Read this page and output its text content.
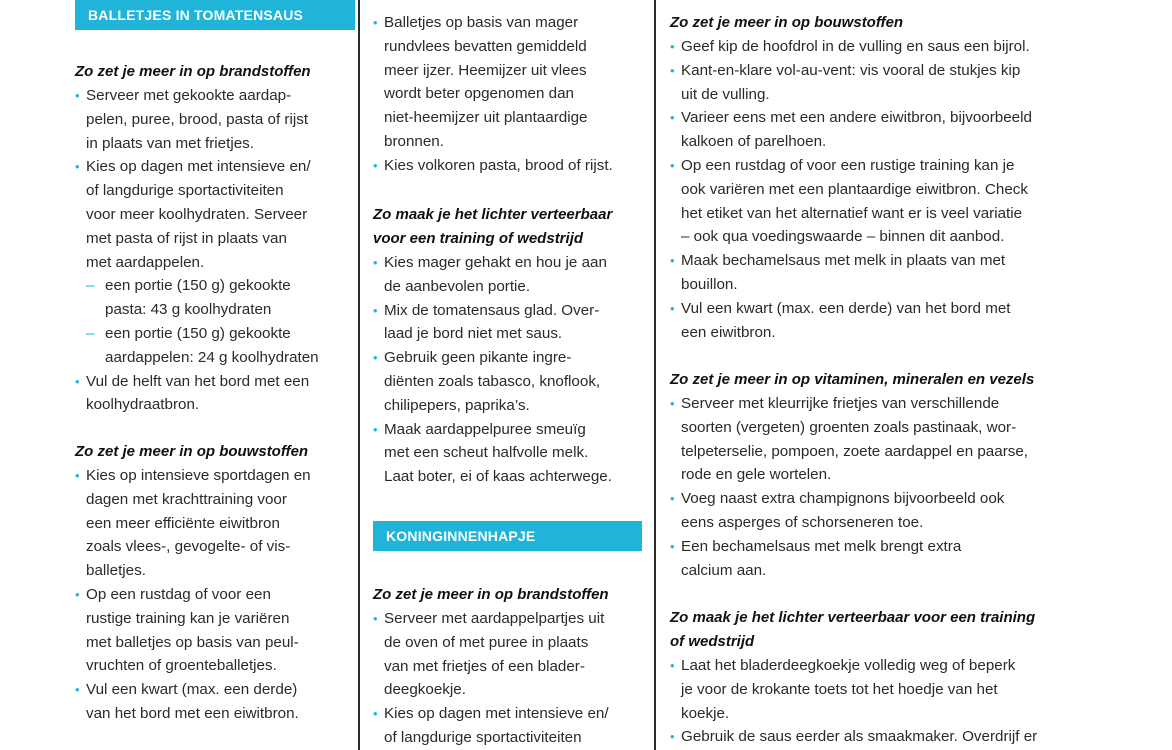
BALLETJES IN TOMATENSAUS
Zo zet je meer in op brandstoffen
• Serveer met gekookte aardap-
pelen, puree, brood, pasta of rijst
in plaats van met frietjes.
• Kies op dagen met intensieve en/
of langdurige sportactiviteiten
voor meer koolhydraten. Serveer
met pasta of rijst in plaats van
met aardappelen.
– een portie (150 g) gekookte
pasta: 43 g koolhydraten
– een portie (150 g) gekookte
aardappelen: 24 g koolhydraten
• Vul de helft van het bord met een
koolhydraatbron.
Zo zet je meer in op bouwstoffen
• Kies op intensieve sportdagen en
dagen met krachttraining voor
een meer efficiënte eiwitbron
zoals vlees-, gevogelte- of vis-
balletjes.
• Op een rustdag of voor een
rustige training kan je variëren
met balletjes op basis van peul-
vruchten of groenteballetjes.
• Vul een kwart (max. een derde)
van het bord met een eiwitbron.
• Balletjes op basis van mager
rundvlees bevatten gemiddeld
meer ijzer. Heemijzer uit vlees
wordt beter opgenomen dan
niet-heemijzer uit plantaardige
bronnen.
• Kies volkoren pasta, brood of rijst.
Zo maak je het lichter verteerbaar
voor een training of wedstrijd
• Kies mager gehakt en hou je aan
de aanbevolen portie.
• Mix de tomatensaus glad. Over-
laad je bord niet met saus.
• Gebruik geen pikante ingre-
diënten zoals tabasco, knoflook,
chilipepers, paprika’s.
• Maak aardappelpuree smeuïg
met een scheut halfvolle melk.
Laat boter, ei of kaas achterwege.
KONINGINNENHAPJE
Zo zet je meer in op brandstoffen
• Serveer met aardappelpartjes uit
de oven of met puree in plaats
van met frietjes of een blader-
deegkoekje.
• Kies op dagen met intensieve en/
of langdurige sportactiviteiten
Zo zet je meer in op bouwstoffen
• Geef kip de hoofdrol in de vulling en saus een bijrol.
• Kant-en-klare vol-au-vent: vis vooral de stukjes kip
uit de vulling.
• Varieer eens met een andere eiwitbron, bijvoorbeeld
kalkoen of parelhoen.
• Op een rustdag of voor een rustige training kan je
ook variëren met een plantaardige eiwitbron. Check
het etiket van het alternatief want er is veel variatie
– ook qua voedingswaarde – binnen dit aanbod.
• Maak bechamelsaus met melk in plaats van met
bouillon.
• Vul een kwart (max. een derde) van het bord met
een eiwitbron.
Zo zet je meer in op vitaminen, mineralen en vezels
• Serveer met kleurrijke frietjes van verschillende
soorten (vergeten) groenten zoals pastinaak, wor-
telpeterselie, pompoen, zoete aardappel en paarse,
rode en gele wortelen.
• Voeg naast extra champignons bijvoorbeeld ook
eens asperges of schorseneren toe.
• Een bechamelsaus met melk brengt extra
calcium aan.
Zo maak je het lichter verteerbaar voor een training
of wedstrijd
• Laat het bladerdeegkoekje volledig weg of beperk
je voor de krokante toets tot het hoedje van het
koekje.
• Gebruik de saus eerder als smaakmaker. Overdrijf er
